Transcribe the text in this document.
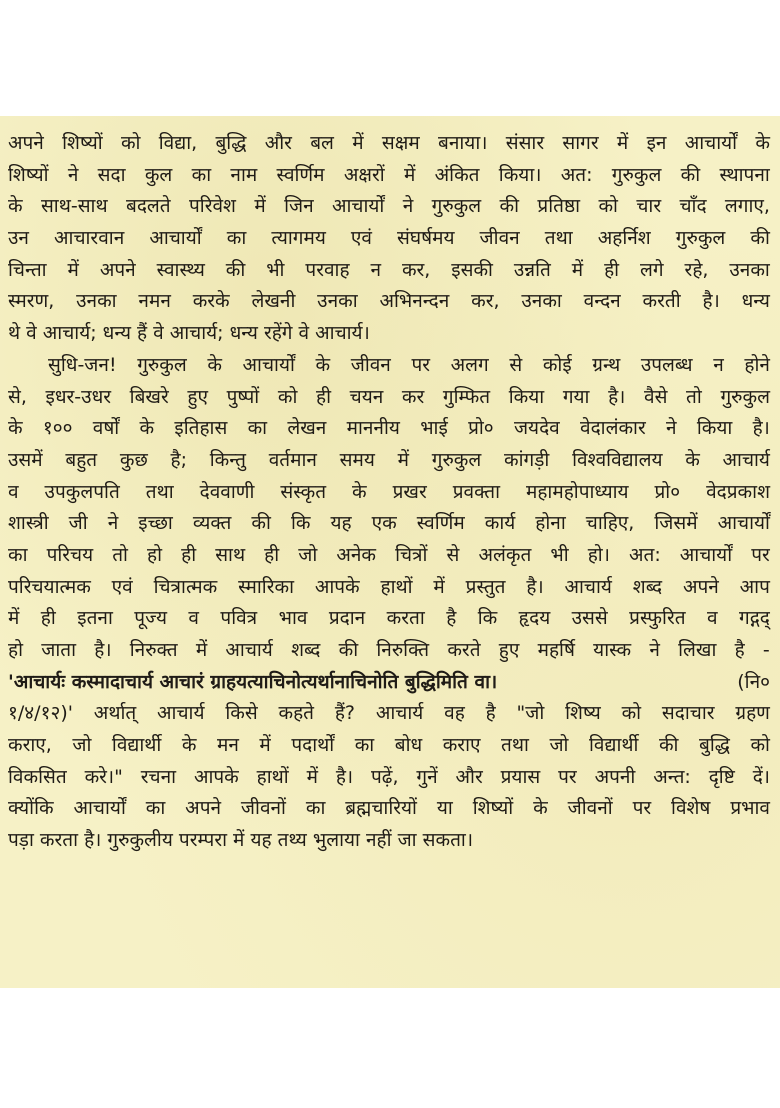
अपने शिष्यों को विद्या, बुद्धि और बल में सक्षम बनाया। संसार सागर में इन आचार्यों के
शिष्यों ने सदा कुल का नाम स्वर्णिम अक्षरों में अंकित किया। अत: गुरुकुल की स्थापना
के साथ-साथ बदलते परिवेश में जिन आचार्यों ने गुरुकुल की प्रतिष्ठा को चार चाँद लगाए,
उन आचारवान आचार्यों का त्यागमय एवं संघर्षमय जीवन तथा अहर्निश गुरुकुल की
चिन्ता में अपने स्वास्थ्य की भी परवाह न कर, इसकी उन्नति में ही लगे रहे, उनका
स्मरण, उनका नमन करके लेखनी उनका अभिनन्दन कर, उनका वन्दन करती है। धन्य
थे वे आचार्य; धन्य हैं वे आचार्य; धन्य रहेंगे वे आचार्य।
सुधि-जन! गुरुकुल के आचार्यों के जीवन पर अलग से कोई ग्रन्थ उपलब्ध न होने
से, इधर-उधर बिखरे हुए पुष्पों को ही चयन कर गुम्फित किया गया है। वैसे तो गुरुकुल
के १०० वर्षों के इतिहास का लेखन माननीय भाई प्रो० जयदेव वेदालंकार ने किया है।
उसमें बहुत कुछ है; किन्तु वर्तमान समय में गुरुकुल कांगड़ी विश्वविद्यालय के आचार्य
व उपकुलपति तथा देववाणी संस्कृत के प्रखर प्रवक्ता महामहोपाध्याय प्रो० वेदप्रकाश
शास्त्री जी ने इच्छा व्यक्त की कि यह एक स्वर्णिम कार्य होना चाहिए, जिसमें आचार्यों
का परिचय तो हो ही साथ ही जो अनेक चित्रों से अलंकृत भी हो। अत: आचार्यों पर
परिचयात्मक एवं चित्रात्मक स्मारिका आपके हाथों में प्रस्तुत है। आचार्य शब्द अपने आप
में ही इतना पूज्य व पवित्र भाव प्रदान करता है कि हृदय उससे प्रस्फुरित व गद्गद्
हो जाता है। निरुक्त में आचार्य शब्द की निरुक्ति करते हुए महर्षि यास्क ने लिखा है -
'आचार्यः कस्मादाचार्य आचारं ग्राहयत्याचिनोत्यर्थानाचिनोति बुद्धिमिति वा।	(नि०
१/४/१२)' अर्थात् आचार्य किसे कहते हैं? आचार्य वह है "जो शिष्य को सदाचार ग्रहण
कराए, जो विद्यार्थी के मन में पदार्थों का बोध कराए तथा जो विद्यार्थी की बुद्धि को
विकसित करे।" रचना आपके हाथों में है। पढ़ें, गुनें और प्रयास पर अपनी अन्त: दृष्टि दें।
क्योंकि आचार्यों का अपने जीवनों का ब्रह्मचारियों या शिष्यों के जीवनों पर विशेष प्रभाव
पड़ा करता है। गुरुकुलीय परम्परा में यह तथ्य भुलाया नहीं जा सकता।
